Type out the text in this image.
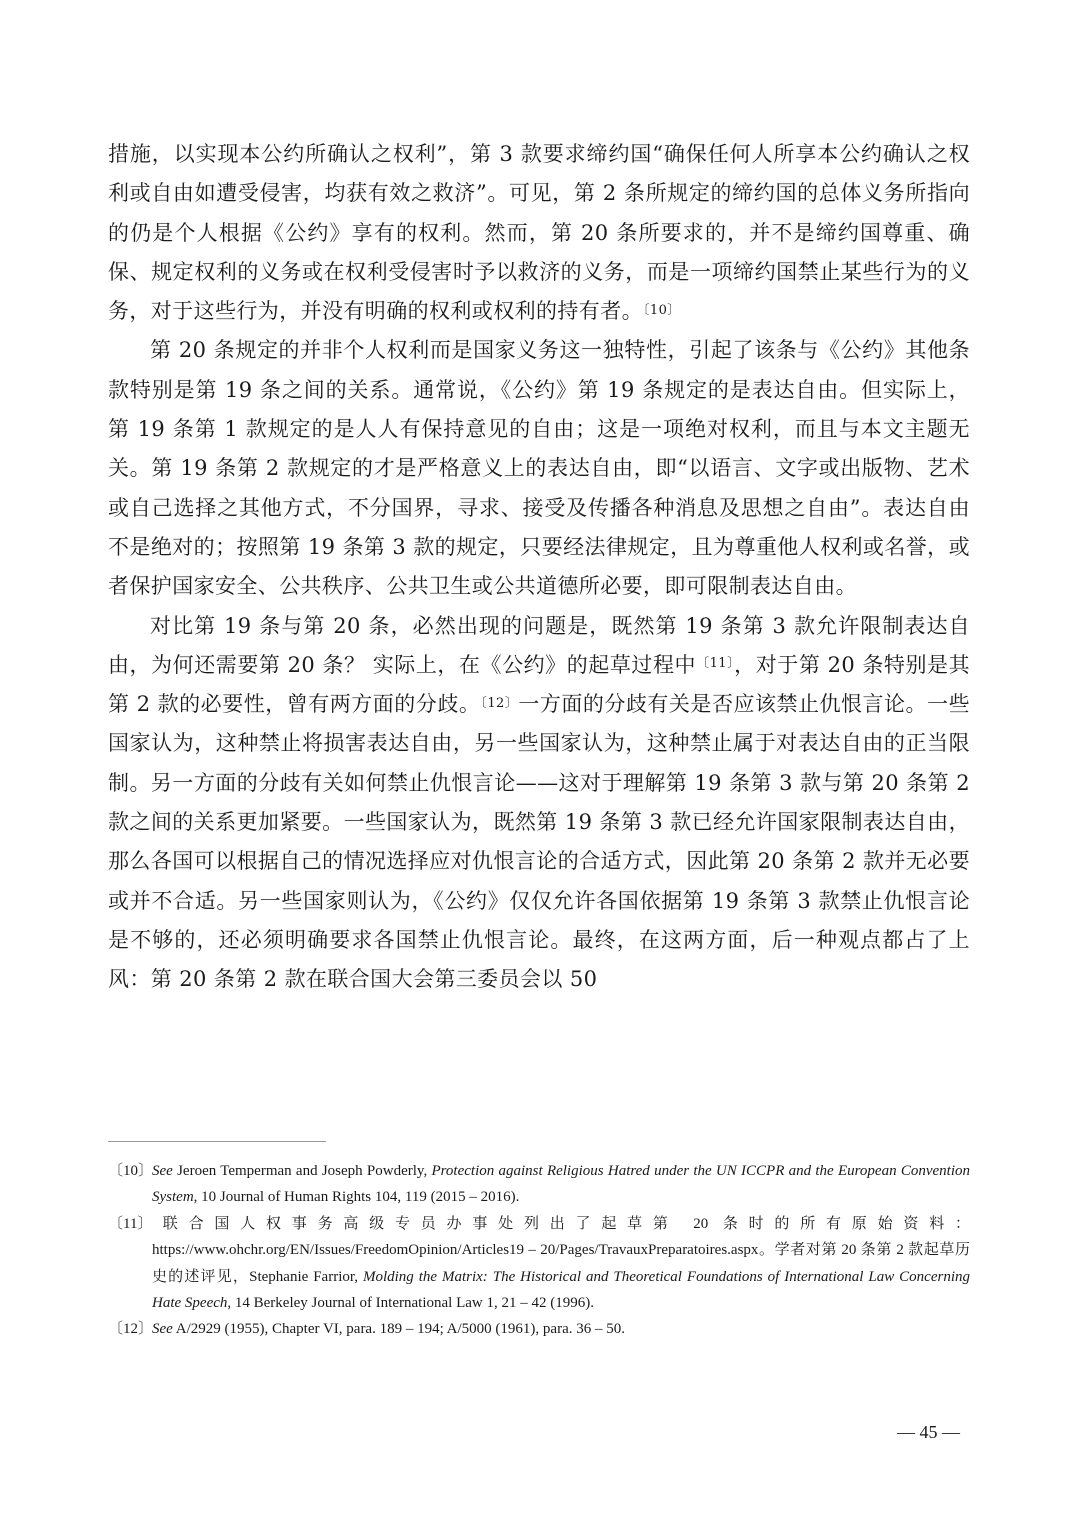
措施，以实现本公约所确认之权利”，第 3 款要求缔约国“确保任何人所享本公约确认之权利或自由如遭受侵害，均获有效之救济”。可见，第 2 条所规定的缔约国的总体义务所指向的仍是个人根据《公约》享有的权利。然而，第 20 条所要求的，并不是缔约国尊重、确保、规定权利的义务或在权利受侵害时予以救济的义务，而是一项缔约国禁止某些行为的义务，对于这些行为，并没有明确的权利或权利的持有者。$^{〔10〕}$

第 20 条规定的并非个人权利而是国家义务这一独特性，引起了该条与《公约》其他条款特别是第 19 条之间的关系。通常说，《公约》第 19 条规定的是表达自由。但实际上，第 19 条第 1 款规定的是人人有保持意见的自由；这是一项绝对权利，而且与本文主题无关。第 19 条第 2 款规定的才是严格意义上的表达自由，即“以语言、文字或出版物、艺术或自己选择之其他方式，不分国界，寻求、接受及传播各种消息及思想之自由”。表达自由不是绝对的；按照第 19 条第 3 款的规定，只要经法律规定，且为尊重他人权利或名誉，或者保护国家安全、公共秩序、公共卫生或公共道德所必要，即可限制表达自由。

对比第 19 条与第 20 条，必然出现的问题是，既然第 19 条第 3 款允许限制表达自由，为何还需要第 20 条？ 实际上，在《公约》的起草过程中$^{〔11〕}$，对于第 20 条特别是其第 2 款的必要性，曾有两方面的分歧。$^{〔12〕}$一方面的分歧有关是否应该禁止仇恨言论。一些国家认为，这种禁止将损害表达自由，另一些国家认为，这种禁止属于对表达自由的正当限制。另一方面的分歧有关如何禁止仇恨言论——这对于理解第 19 条第 3 款与第 20 条第 2 款之间的关系更加紧要。一些国家认为，既然第 19 条第 3 款已经允许国家限制表达自由，那么各国可以根据自己的情况选择应对仇恨言论的合适方式，因此第 20 条第 2 款并无必要或并不合适。另一些国家则认为，《公约》仅仅允许各国依据第 19 条第 3 款禁止仇恨言论是不够的，还必须明确要求各国禁止仇恨言论。最终，在这两方面，后一种观点都占了上风：第 20 条第 2 款在联合国大会第三委员会以 50

〔10〕See Jeroen Temperman and Joseph Powderly, Protection against Religious Hatred under the UN ICCPR and the European Convention System, 10 Journal of Human Rights 104, 119 (2015 – 2016).

〔11〕联合国人权事务高级专员办事处列出了起草第 20 条时的所有原始资料：https://www.ohchr.org/EN/Issues/FreedomOpinion/Articles19 – 20/Pages/TravauxPreparatoires.aspx。学者对第 20 条第 2 款起草历史的述评见，Stephanie Farrior, Molding the Matrix: The Historical and Theoretical Foundations of International Law Concerning Hate Speech, 14 Berkeley Journal of International Law 1, 21 – 42 (1996).

〔12〕See A/2929 (1955), Chapter VI, para. 189 – 194; A/5000 (1961), para. 36 – 50.

— 45 —
